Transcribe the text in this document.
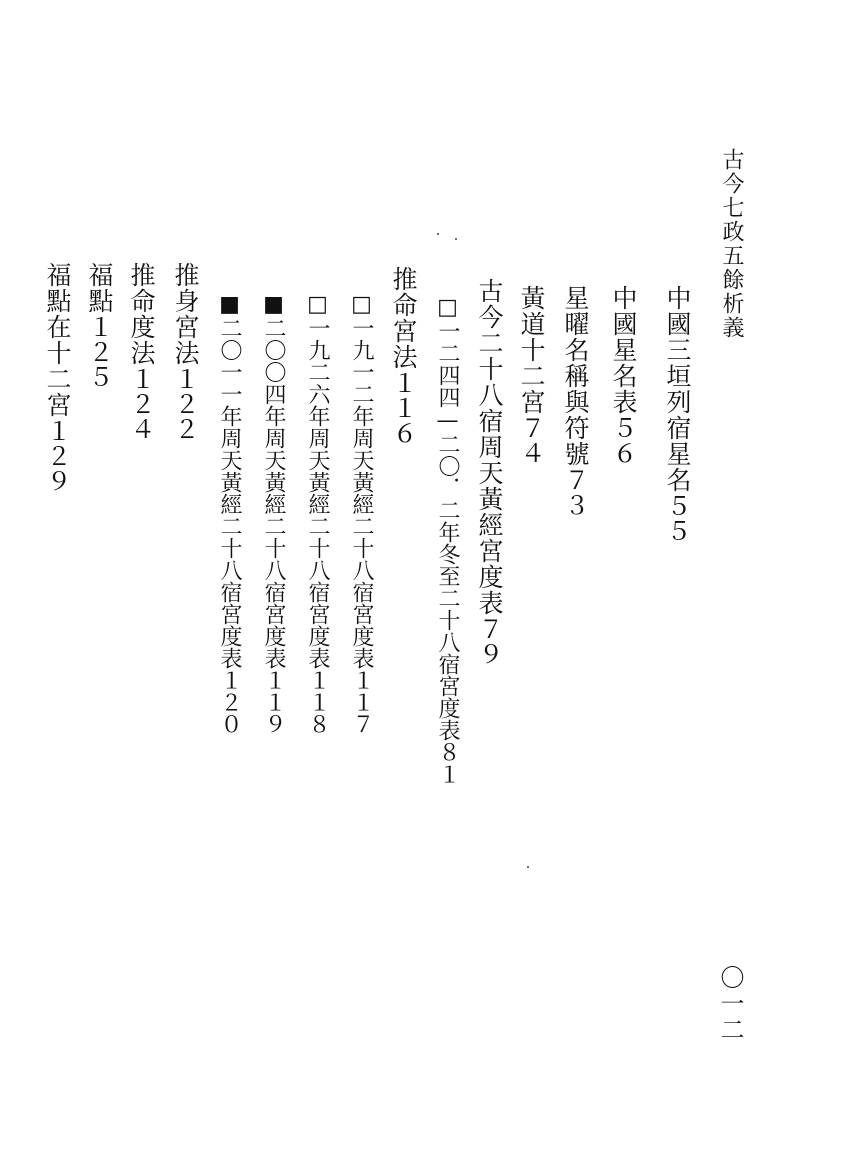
古今七政五餘析義
中國三垣列宿星名５５
中國星名表５６
星曜名稱與符號７３
黃道十二宮７４
古今二十八宿周天黃經宮度表７９
□一二四四—二〇．二年冬至二十八宿宮度表８１
推命宮法１１６
□一九一二年周天黃經二十八宿宮度表１１７
□一九二六年周天黃經二十八宿宮度表１１８
■二〇〇四年周天黃經二十八宿宮度表１１９
■二〇一一年周天黃經二十八宿宮度表１２０
推身宮法１２２
推命度法１２４
福點１２５
福點在十二宮１２９
〇一二
